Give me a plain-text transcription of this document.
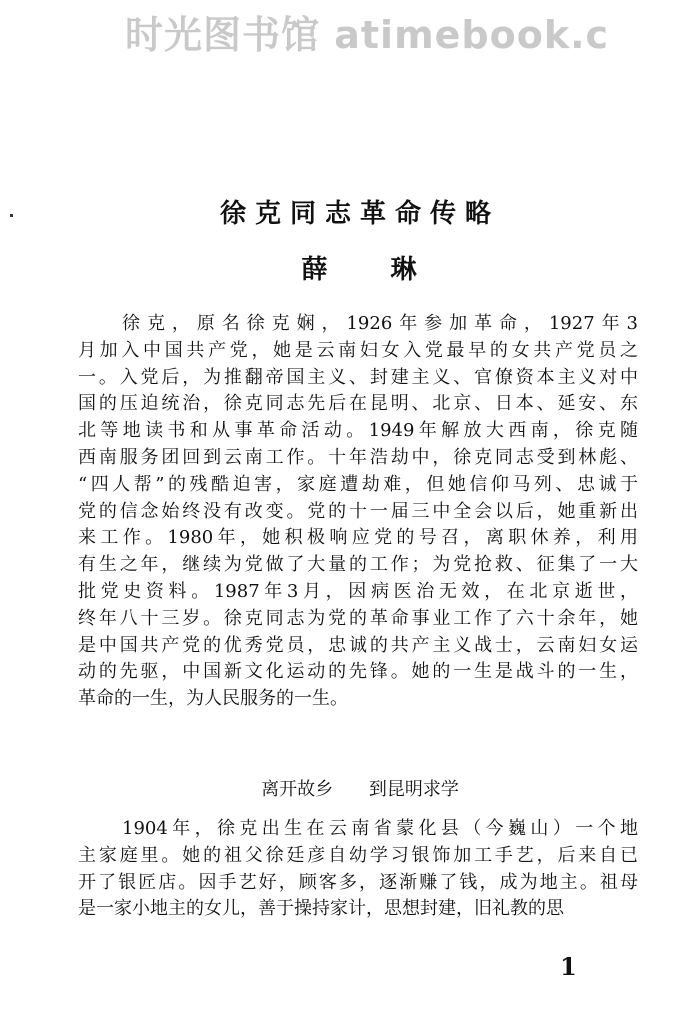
时光图书馆 atimebook.c
徐克同志革命传略
薛 琳
徐克，原名徐克娴，1926年参加革命，1927年3
月加入中国共产党，她是云南妇女入党最早的女共产党员之
一。入党后，为推翻帝国主义、封建主义、官僚资本主义对中
国的压迫统治，徐克同志先后在昆明、北京、日本、延安、东
北等地读书和从事革命活动。1949年解放大西南，徐克随
西南服务团回到云南工作。十年浩劫中，徐克同志受到林彪、
“四人帮”的残酷迫害，家庭遭劫难，但她信仰马列、忠诚于
党的信念始终没有改变。党的十一届三中全会以后，她重新出
来工作。1980年，她积极响应党的号召，离职休养，利用
有生之年，继续为党做了大量的工作；为党抢救、征集了一大
批党史资料。1987年3月，因病医治无效，在北京逝世，
终年八十三岁。徐克同志为党的革命事业工作了六十余年，她
是中国共产党的优秀党员，忠诚的共产主义战士，云南妇女运
动的先驱，中国新文化运动的先锋。她的一生是战斗的一生，
革命的一生，为人民服务的一生。
离开故乡 到昆明求学
1904年，徐克出生在云南省蒙化县（今巍山）一个地
主家庭里。她的祖父徐廷彦自幼学习银饰加工手艺，后来自已
开了银匠店。因手艺好，顾客多，逐渐赚了钱，成为地主。祖母
是一家小地主的女儿，善于操持家计，思想封建，旧礼教的思
1
